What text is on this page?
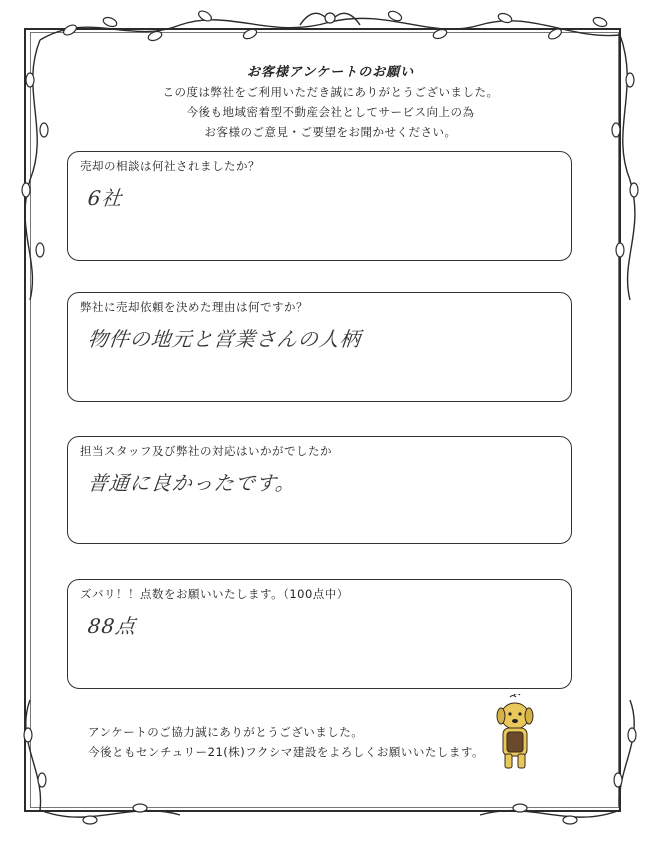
お客様アンケートのお願い
この度は弊社をご利用いただき誠にありがとうございました。
今後も地域密着型不動産会社としてサービス向上の為
お客様のご意見・ご要望をお聞かせください。
売却の相談は何社されましたか？
6社
弊社に売却依頼を決めた理由は何ですか？
物件の地元と営業さんの人柄
担当スタッフ及び弊社の対応はいかがでしたか
普通に良かったです。
ズバリ！！点数をお願いいたします。（100点中）
88点
アンケートのご協力誠にありがとうございました。
今後ともセンチュリー21(株)フクシマ建設をよろしくお願いいたします。
